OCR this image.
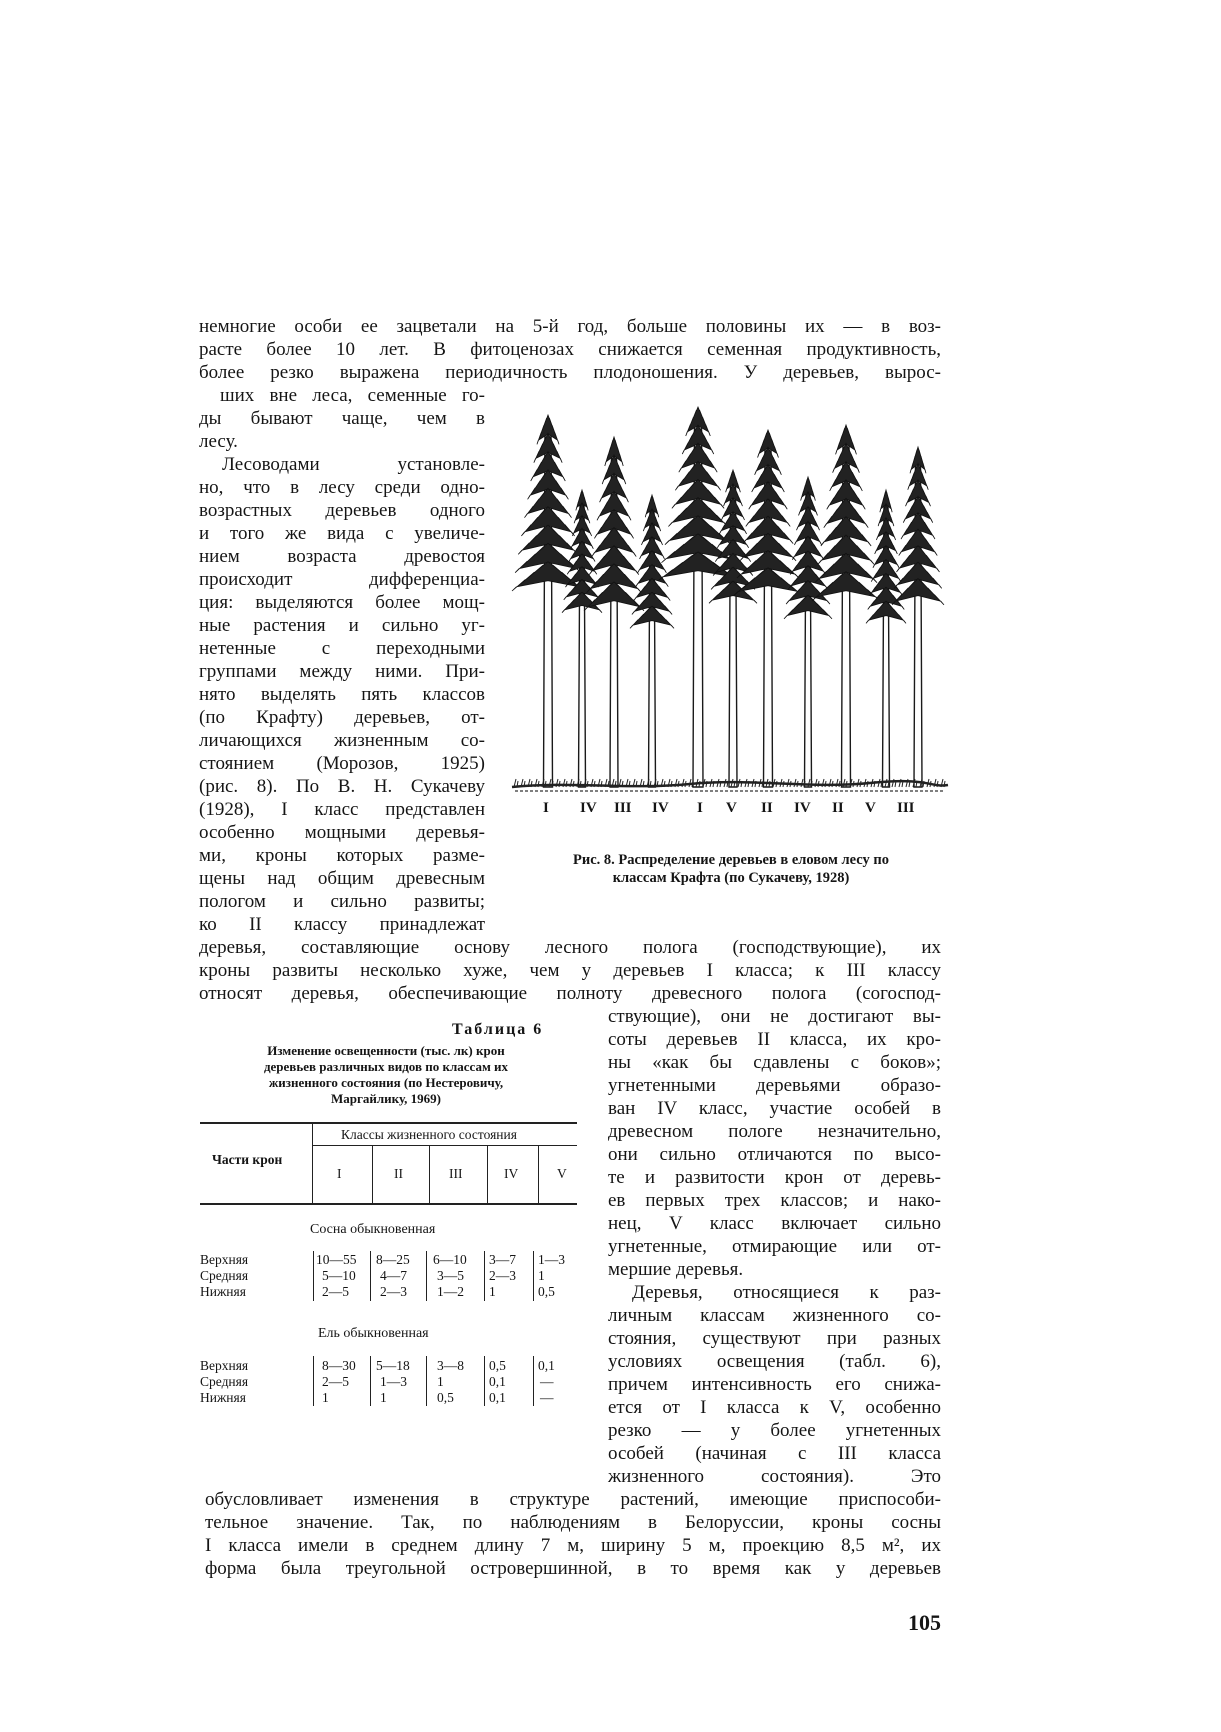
немногие особи ее зацветали на 5-й год, больше половины их — в воз-
расте более 10 лет. В фитоценозах снижается семенная продуктивность,
более резко выражена периодичность плодоношения. У деревьев, вырос-
ших вне леса, семенные го-
ды бывают чаще, чем в
лесу.
Лесоводами установле-
но, что в лесу среди одно-
возрастных деревьев одного
и того же вида с увеличе-
нием возраста древостоя
происходит дифференциа-
ция: выделяются более мощ-
ные растения и сильно уг-
нетенные с переходными
группами между ними. При-
нято выделять пять классов
(по Крафту) деревьев, от-
личающихся жизненным со-
стоянием (Морозов, 1925)
(рис. 8). По В. Н. Сукачеву
(1928), I класс представлен
особенно мощными деревья-
ми, кроны которых разме-
щены над общим древесным
пологом и сильно развиты;
ко II классу принадлежат
I IV III IV I V II IV II V III
Рис. 8. Распределение деревьев в еловом лесу по
классам Крафта (по Сукачеву, 1928)
деревья, составляющие основу лесного полога (господствующие), их
кроны развиты несколько хуже, чем у деревьев I класса; к III классу
относят деревья, обеспечивающие полноту древесного полога (согоспод-
ствующие), они не достигают вы-
соты деревьев II класса, их кро-
ны «как бы сдавлены с боков»;
угнетенными деревьями образо-
ван IV класс, участие особей в
древесном пологе незначительно,
они сильно отличаются по высо-
те и развитости крон от деревь-
ев первых трех классов; и нако-
нец, V класс включает сильно
угнетенные, отмирающие или от-
мершие деревья.
Деревья, относящиеся к раз-
личным классам жизненного со-
стояния, существуют при разных
условиях освещения (табл. 6),
причем интенсивность его снижа-
ется от I класса к V, особенно
резко — у более угнетенных
особей (начиная с III класса
жизненного состояния). Это
Таблица 6
Изменение освещенности (тыс. лк) крон
деревьев различных видов по классам их
жизненного состояния (по Нестеровичу,
Маргайлику, 1969)
Части крон
Классы жизненного состояния
I	II	III	IV	V
Сосна обыкновенная
Верхняя	10—55 8—25 6—10 3—7 1—3
Средняя	5—10 4—7 3—5 2—3 1
Нижняя	2—5 2—3 1—2 1	0,5
Ель обыкновенная
Верхняя	8—30 5—18 3—8 0,5 0,1
Средняя	2—5 1—3 1	0,1	—
Нижняя	1	1	0,5	0,1	—
обусловливает изменения в структуре растений, имеющие приспособи-
тельное значение. Так, по наблюдениям в Белоруссии, кроны сосны
I класса имели в среднем длину 7 м, ширину 5 м, проекцию 8,5 м², их
форма была треугольной островершинной, в то время как у деревьев
105
